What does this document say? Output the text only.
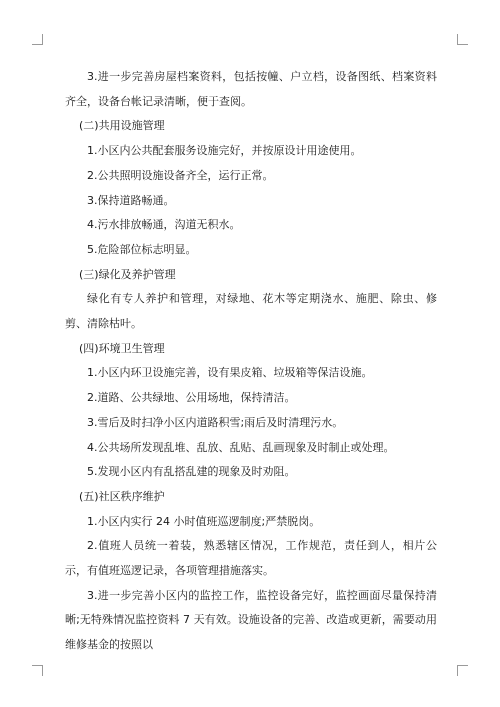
3.进一步完善房屋档案资料，包括按幢、户立档，设备图纸、档案资料齐全，设备台帐记录清晰，便于查阅。

(二)共用设施管理

1.小区内公共配套服务设施完好，并按原设计用途使用。

2.公共照明设施设备齐全，运行正常。

3.保持道路畅通。

4.污水排放畅通，沟道无积水。

5.危险部位标志明显。

(三)绿化及养护管理

绿化有专人养护和管理，对绿地、花木等定期浇水、施肥、除虫、修剪、清除枯叶。

(四)环境卫生管理

1.小区内环卫设施完善，设有果皮箱、垃圾箱等保洁设施。

2.道路、公共绿地、公用场地，保持清洁。

3.雪后及时扫净小区内道路积雪;雨后及时清理污水。

4.公共场所发现乱堆、乱放、乱贴、乱画现象及时制止或处理。

5.发现小区内有乱搭乱建的现象及时劝阻。

(五)社区秩序维护

1.小区内实行 24 小时值班巡逻制度;严禁脱岗。

2.值班人员统一着装，熟悉辖区情况，工作规范，责任到人，相片公示，有值班巡逻记录，各项管理措施落实。

3.进一步完善小区内的监控工作，监控设备完好，监控画面尽量保持清晰;无特殊情况监控资料 7 天有效。设施设备的完善、改造或更新，需要动用维修基金的按照以
